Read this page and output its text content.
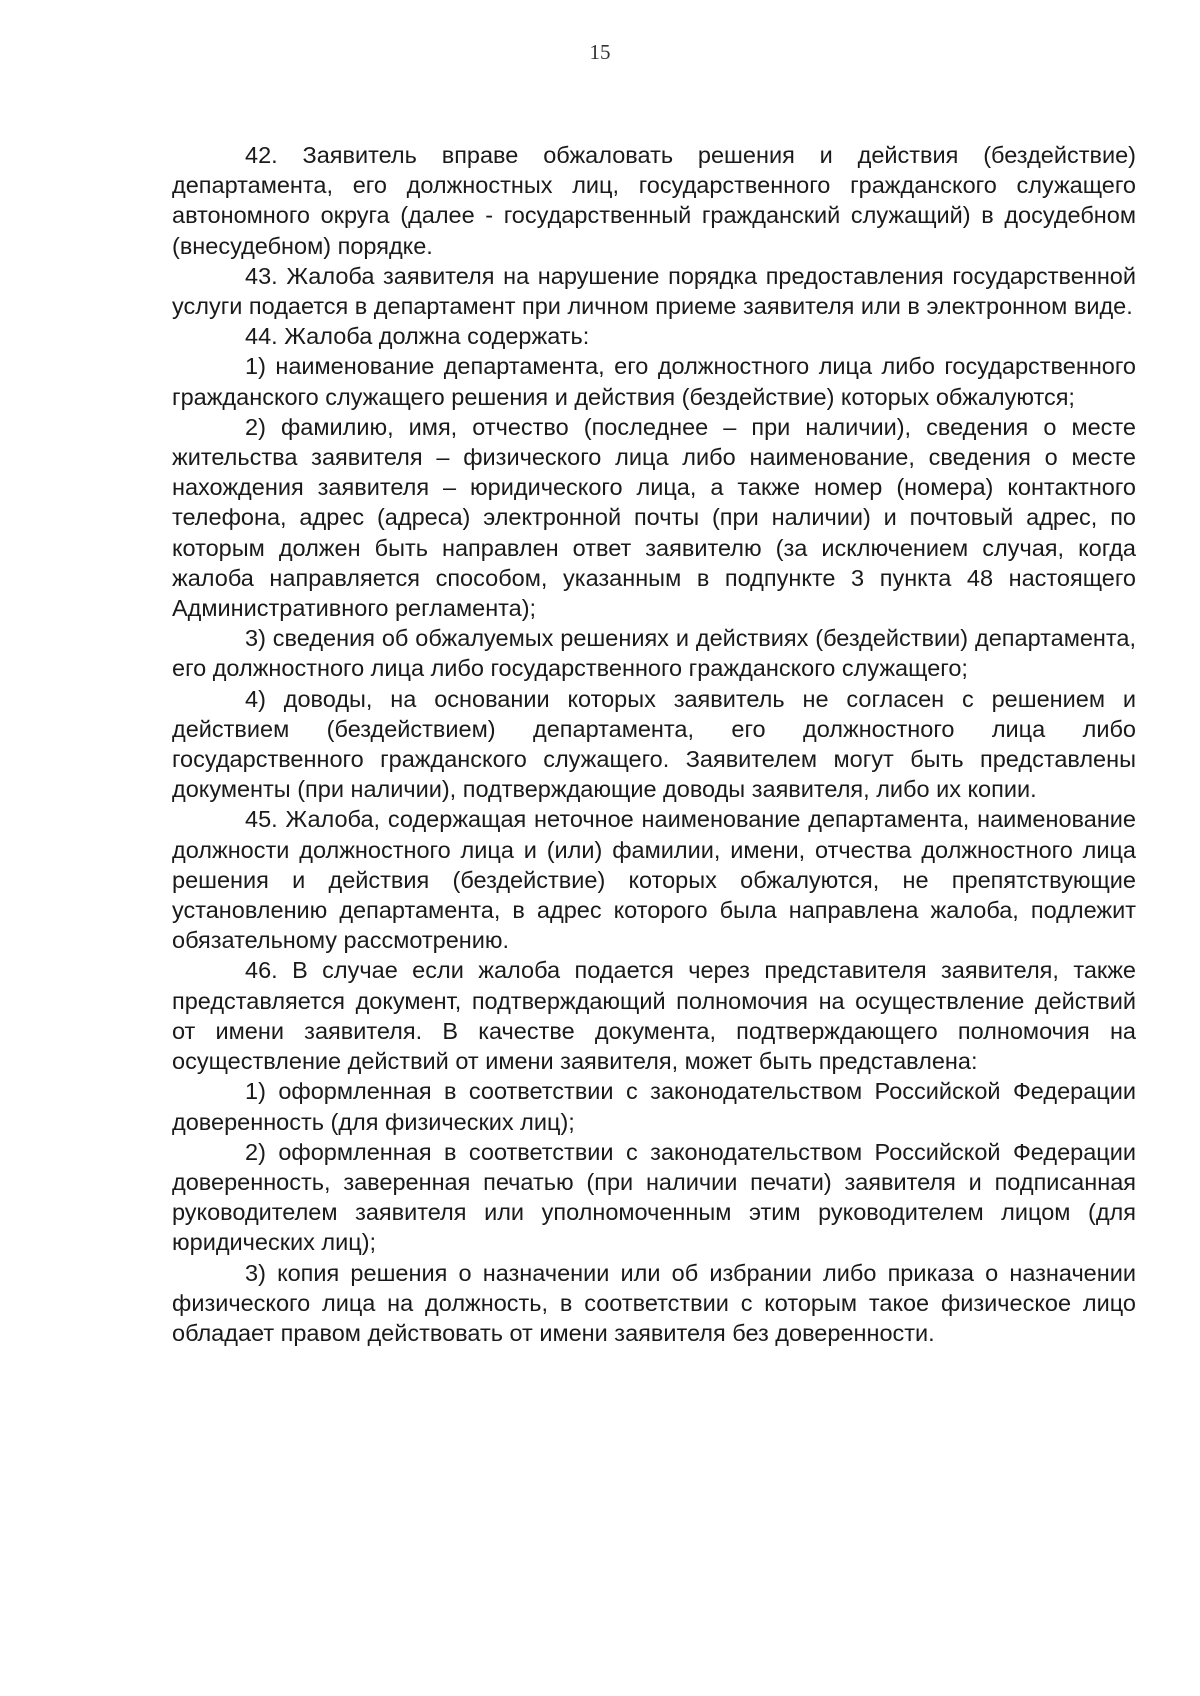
15

42. Заявитель вправе обжаловать решения и действия (бездействие) департамента, его должностных лиц, государственного гражданского служащего автономного округа (далее - государственный гражданский служащий) в досудебном (внесудебном) порядке.

43. Жалоба заявителя на нарушение порядка предоставления государственной услуги подается в департамент при личном приеме заявителя или в электронном виде.

44. Жалоба должна содержать:

1) наименование департамента, его должностного лица либо государственного гражданского служащего решения и действия (бездействие) которых обжалуются;

2) фамилию, имя, отчество (последнее – при наличии), сведения о месте жительства заявителя – физического лица либо наименование, сведения о месте нахождения заявителя – юридического лица, а также номер (номера) контактного телефона, адрес (адреса) электронной почты (при наличии) и почтовый адрес, по которым должен быть направлен ответ заявителю (за исключением случая, когда жалоба направляется способом, указанным в подпункте 3 пункта 48 настоящего Административного регламента);

3) сведения об обжалуемых решениях и действиях (бездействии) департамента, его должностного лица либо государственного гражданского служащего;

4) доводы, на основании которых заявитель не согласен с решением и действием (бездействием) департамента, его должностного лица либо государственного гражданского служащего. Заявителем могут быть представлены документы (при наличии), подтверждающие доводы заявителя, либо их копии.

45. Жалоба, содержащая неточное наименование департамента, наименование должности должностного лица и (или) фамилии, имени, отчества должностного лица решения и действия (бездействие) которых обжалуются, не препятствующие установлению департамента, в адрес которого была направлена жалоба, подлежит обязательному рассмотрению.

46. В случае если жалоба подается через представителя заявителя, также представляется документ, подтверждающий полномочия на осуществление действий от имени заявителя. В качестве документа, подтверждающего полномочия на осуществление действий от имени заявителя, может быть представлена:

1) оформленная в соответствии с законодательством Российской Федерации доверенность (для физических лиц);

2) оформленная в соответствии с законодательством Российской Федерации доверенность, заверенная печатью (при наличии печати) заявителя и подписанная руководителем заявителя или уполномоченным этим руководителем лицом (для юридических лиц);

3) копия решения о назначении или об избрании либо приказа о назначении физического лица на должность, в соответствии с которым такое физическое лицо обладает правом действовать от имени заявителя без доверенности.
